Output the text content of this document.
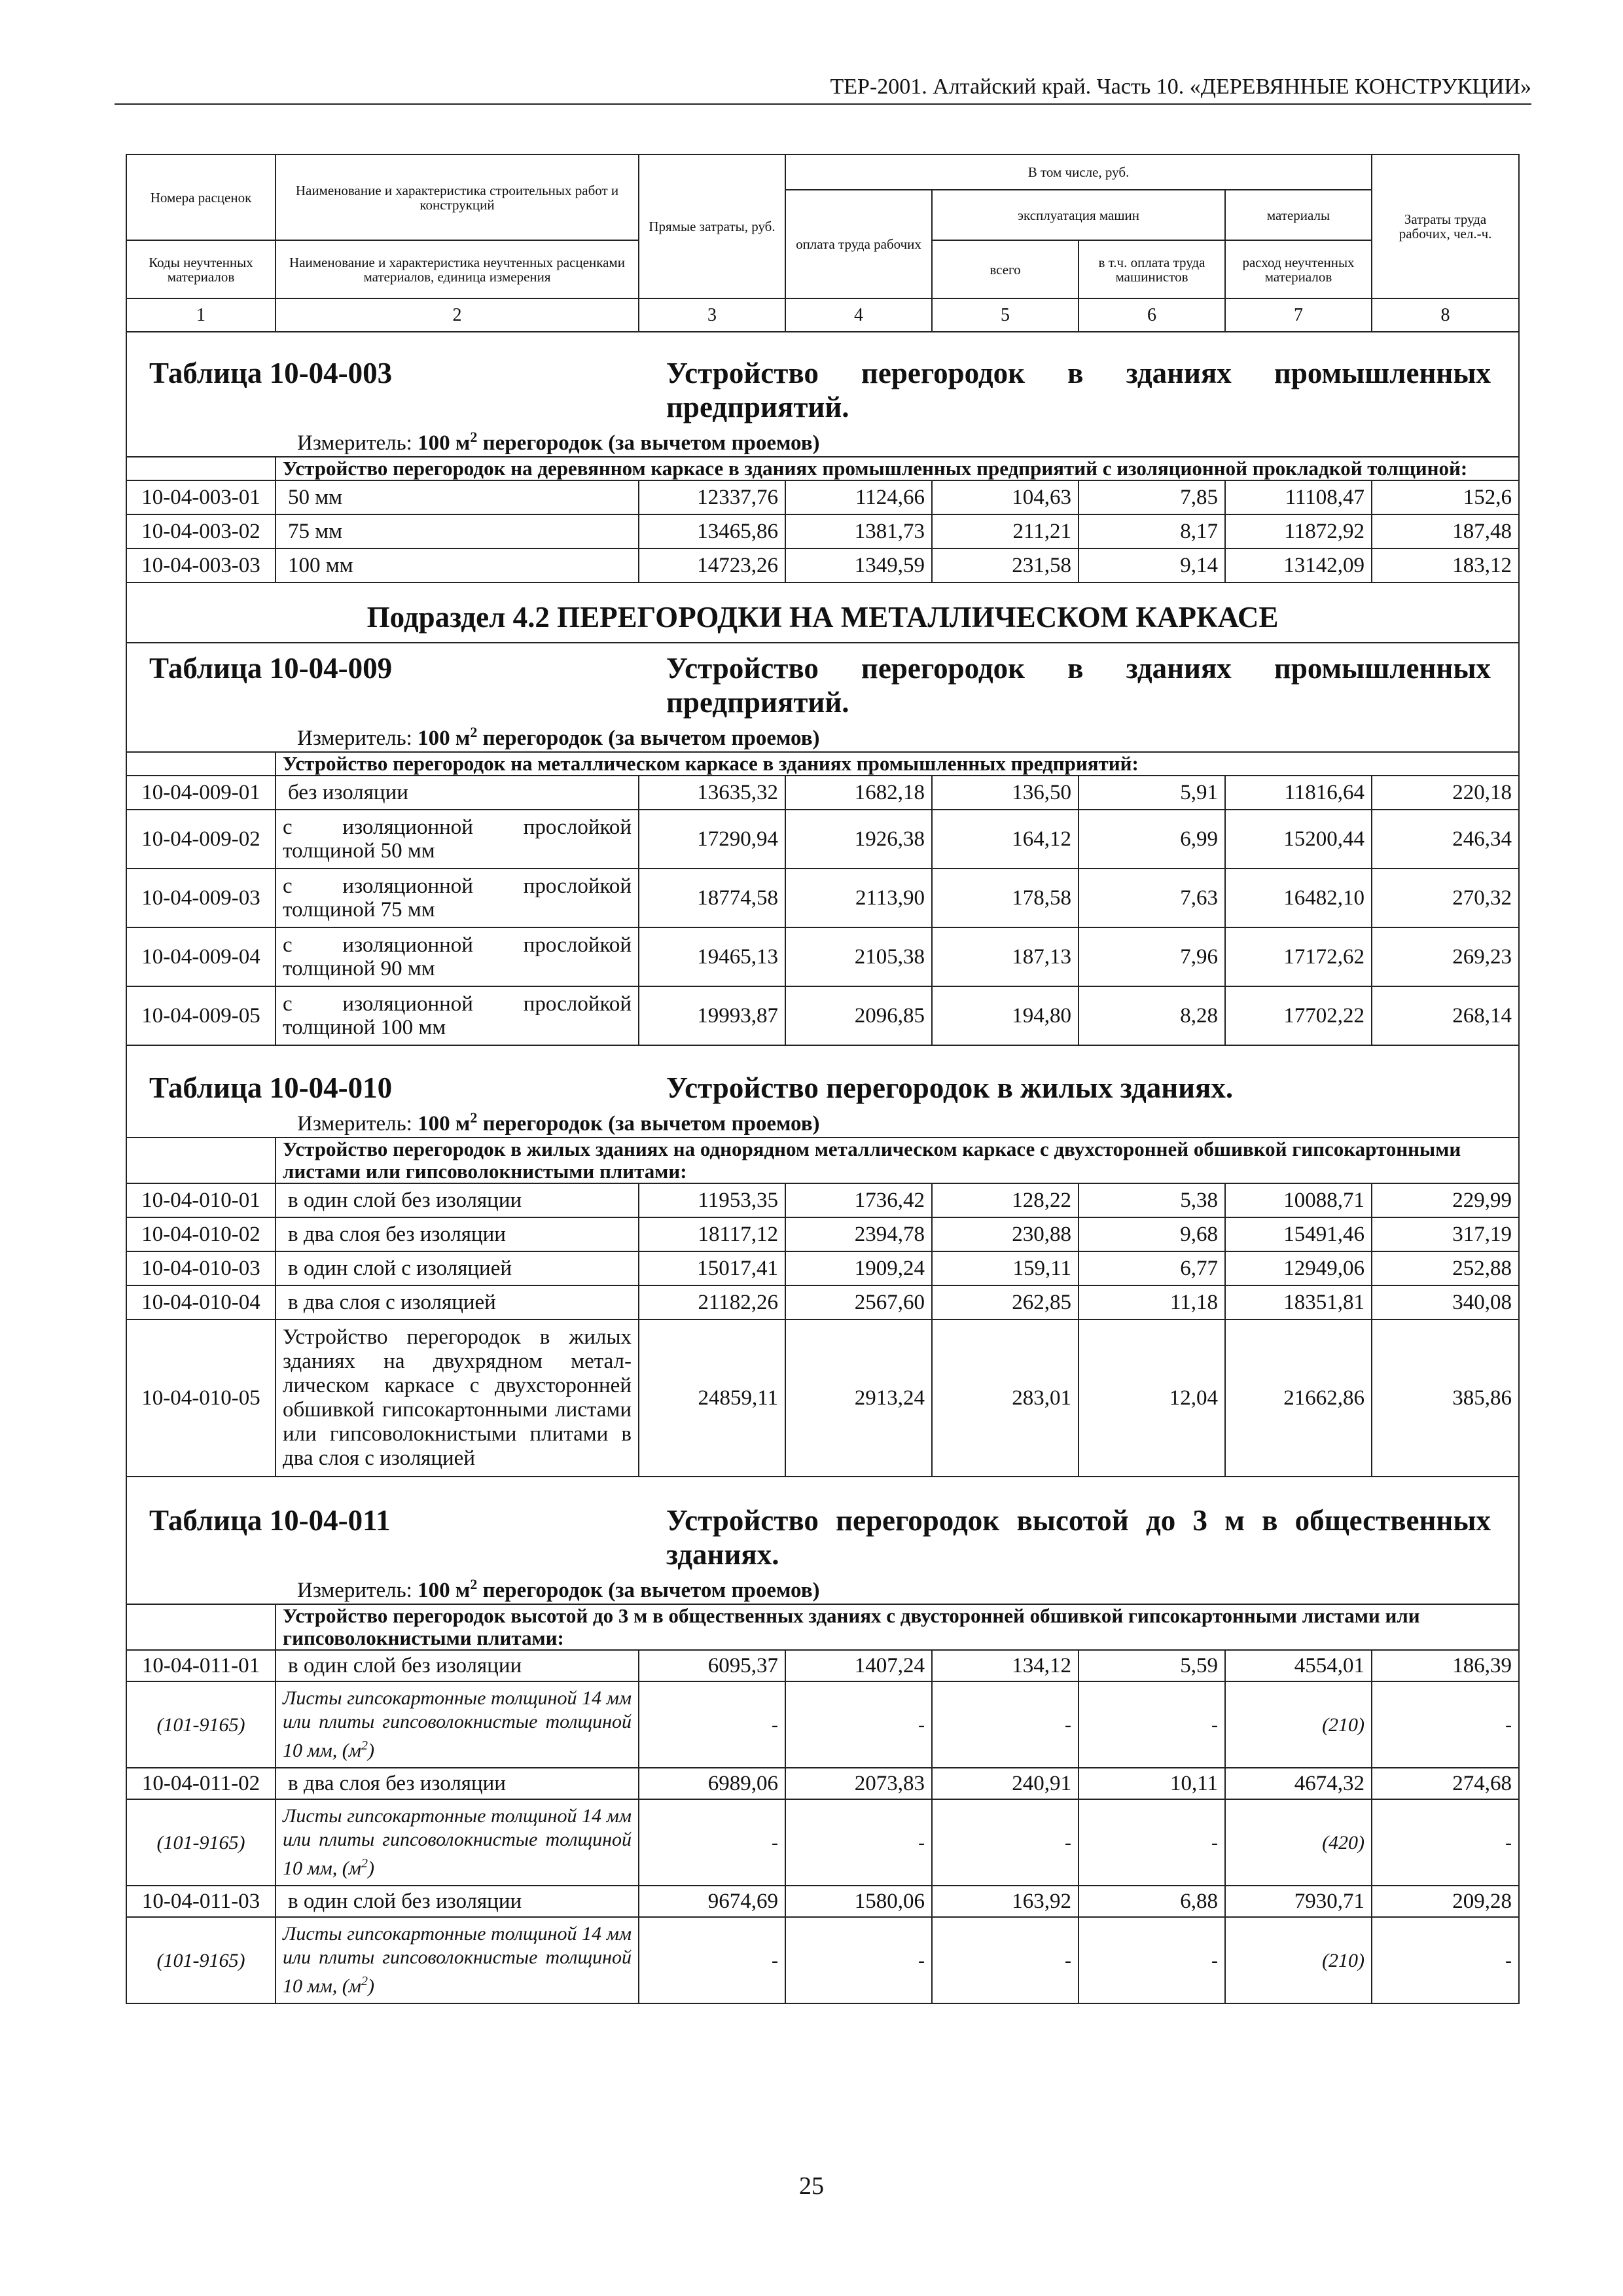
ТЕР-2001. Алтайский край. Часть 10. «ДЕРЕВЯННЫЕ КОНСТРУКЦИИ»
Номера расценок	Наименование и характеристика строительных работ и конструкций	Прямые затраты, руб.	В том числе, руб.				Затраты труда рабочих, чел.-ч.
			оплата труда рабочих	эксплуатация машин		материалы	
Коды неучтенных материалов	Наименование и характеристика неучтенных расценками материалов, единица измерения			всего	в т.ч. оплата труда машинистов	расход неучтенных материалов	
1	2	3	4	5	6	7	8

Таблица 10-04-003 Устройство перегородок в зданиях промышленных предприятий.
Измеритель: 100 $м^2$ перегородок (за вычетом проемов)							

	Устройство перегородок на деревянном каркасе в зданиях промышленных предприятий с изоляционной прокладкой толщиной:						
10-04-003-01	50 мм	12337,76	1124,66	104,63	7,85	11108,47	152,6
10-04-003-02	75 мм	13465,86	1381,73	211,21	8,17	11872,92	187,48
10-04-003-03	100 мм	14723,26	1349,59	231,58	9,14	13142,09	183,12
Подраздел 4.2 ПЕРЕГОРОДКИ НА МЕТАЛЛИЧЕСКОМ КАРКАСЕ							

Таблица 10-04-009 Устройство перегородок в зданиях промышленных предприятий.
Измеритель: 100 $м^2$ перегородок (за вычетом проемов)							

	Устройство перегородок на металлическом каркасе в зданиях промышленных предприятий:						
10-04-009-01	без изоляции	13635,32	1682,18	136,50	5,91	11816,64	220,18
10-04-009-02	с изоляционной прослойкой толщиной 50 мм	17290,94	1926,38	164,12	6,99	15200,44	246,34
10-04-009-03	с изоляционной прослойкой толщиной 75 мм	18774,58	2113,90	178,58	7,63	16482,10	270,32
10-04-009-04	с изоляционной прослойкой толщиной 90 мм	19465,13	2105,38	187,13	7,96	17172,62	269,23
10-04-009-05	с изоляционной прослойкой толщиной 100 мм	19993,87	2096,85	194,80	8,28	17702,22	268,14

Таблица 10-04-010 Устройство перегородок в жилых зданиях.
Измеритель: 100 $м^2$ перегородок (за вычетом проемов)							

	Устройство перегородок в жилых зданиях на однорядном металлическом каркасе с двухсторонней обшивкой гипсокартонными листами или гипсоволокнистыми плитами:						
10-04-010-01	в один слой без изоляции	11953,35	1736,42	128,22	5,38	10088,71	229,99
10-04-010-02	в два слоя без изоляции	18117,12	2394,78	230,88	9,68	15491,46	317,19
10-04-010-03	в один слой с изоляцией	15017,41	1909,24	159,11	6,77	12949,06	252,88
10-04-010-04	в два слоя с изоляцией	21182,26	2567,60	262,85	11,18	18351,81	340,08
10-04-010-05	Устройство перегородок в жилых зданиях на двухрядном металлическом каркасе с двухсторонней обшивкой гипсокартонными листами или гипсоволокнистыми плитами в два слоя с изоляцией	24859,11	2913,24	283,01	12,04	21662,86	385,86

Таблица 10-04-011 Устройство перегородок высотой до 3 м в общественных зданиях.
Измеритель: 100 $м^2$ перегородок (за вычетом проемов)							

	Устройство перегородок высотой до 3 м в общественных зданиях с двусторонней обшивкой гипсокартонными листами или гипсоволокнистыми плитами:						
10-04-011-01	в один слой без изоляции	6095,37	1407,24	134,12	5,59	4554,01	186,39
(101-9165)	Листы гипсокартонные толщиной 14 мм или плиты гипсоволокнистые толщиной 10 мм, $(м^2)$	-	-	-	-	(210)	-
10-04-011-02	в два слоя без изоляции	6989,06	2073,83	240,91	10,11	4674,32	274,68
(101-9165)	Листы гипсокартонные толщиной 14 мм или плиты гипсоволокнистые толщиной 10 мм, $(м^2)$	-	-	-	-	(420)	-
10-04-011-03	в один слой без изоляции	9674,69	1580,06	163,92	6,88	7930,71	209,28
(101-9165)	Листы гипсокартонные толщиной 14 мм или плиты гипсоволокнистые толщиной 10 мм, $(м^2)$	-	-	-	-	(210)	-
25
